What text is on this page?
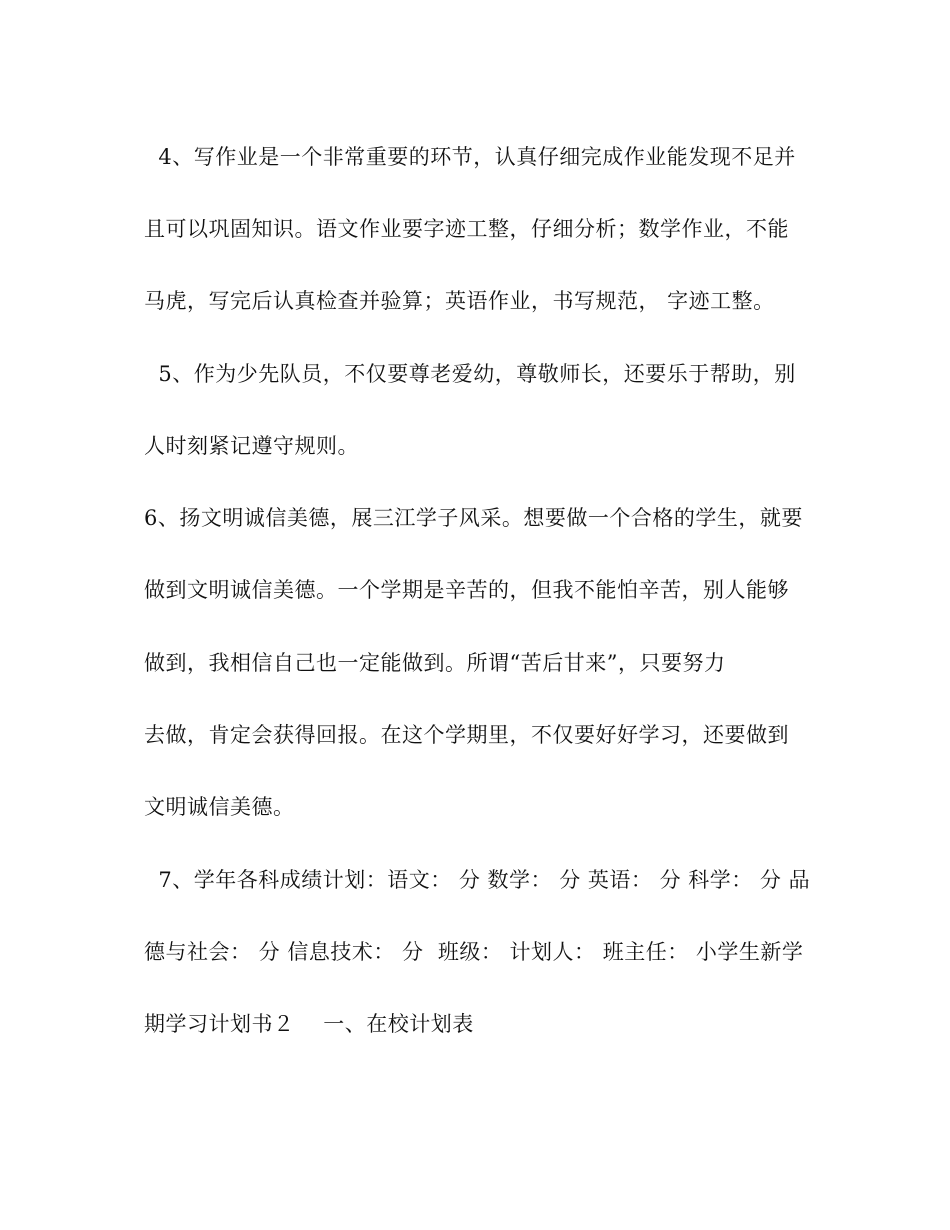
4、写作业是一个非常重要的环节，认真仔细完成作业能发现不足并
且可以巩固知识。语文作业要字迹工整，仔细分析；数学作业，不能
马虎，写完后认真检查并验算；英语作业，书写规范， 字迹工整。
5、作为少先队员，不仅要尊老爱幼，尊敬师长，还要乐于帮助，别
人时刻紧记遵守规则。
6、扬文明诚信美德，展三江学子风采。想要做一个合格的学生，就要
做到文明诚信美德。一个学期是辛苦的，但我不能怕辛苦，别人能够
做到，我相信自己也一定能做到。所谓“苦后甘来”，只要努力
去做，肯定会获得回报。在这个学期里，不仅要好好学习，还要做到
文明诚信美德。
7、学年各科成绩计划：语文： 分 数学： 分 英语： 分 科学： 分 品
德与社会： 分 信息技术： 分  班级： 计划人： 班主任： 小学生新学
期学习计划书２    一、在校计划表
